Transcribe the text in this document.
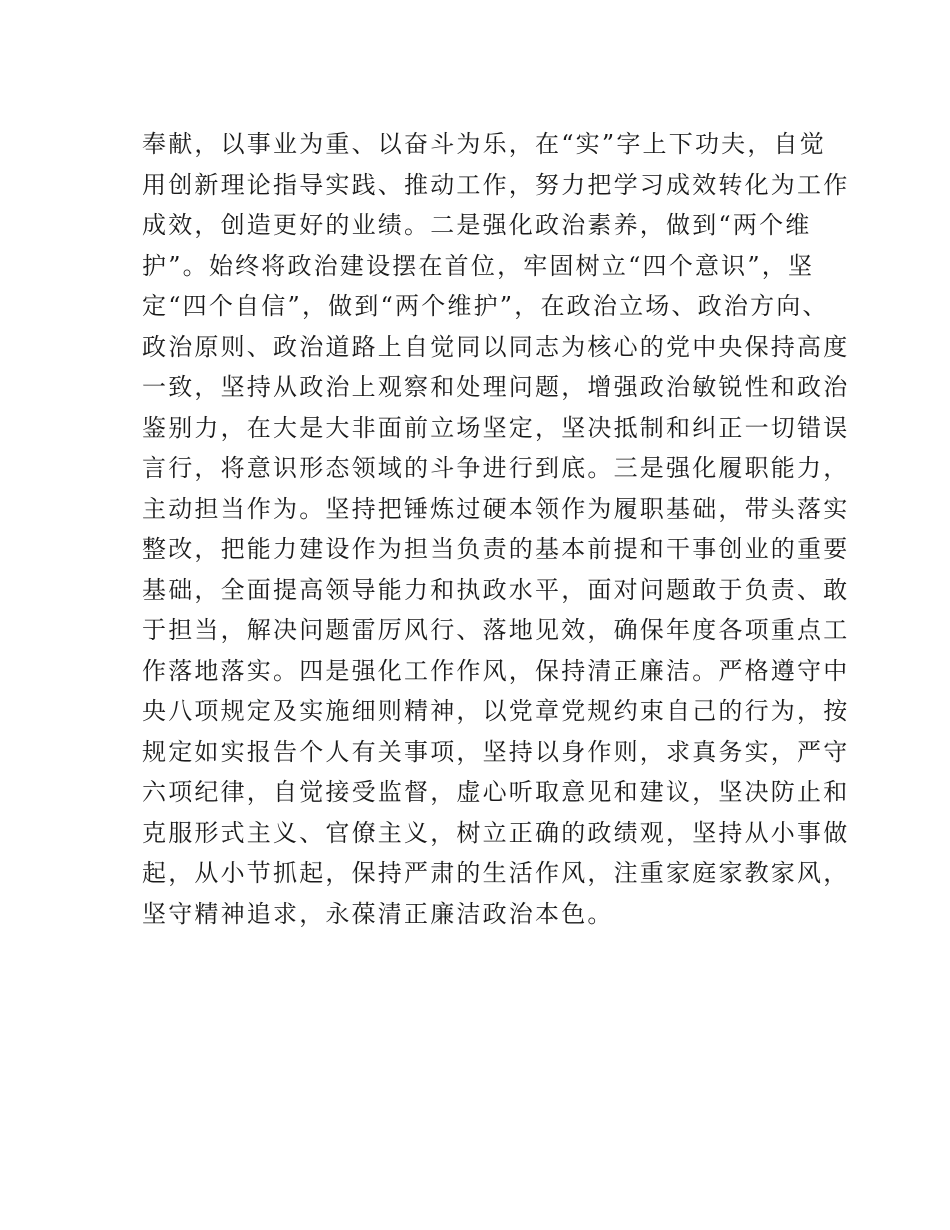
奉献，以事业为重、以奋斗为乐，在“实”字上下功夫，自觉
用创新理论指导实践、推动工作，努力把学习成效转化为工作
成效，创造更好的业绩。二是强化政治素养，做到“两个维
护”。始终将政治建设摆在首位，牢固树立“四个意识”，坚
定“四个自信”，做到“两个维护”，在政治立场、政治方向、
政治原则、政治道路上自觉同以同志为核心的党中央保持高度
一致，坚持从政治上观察和处理问题，增强政治敏锐性和政治
鉴别力，在大是大非面前立场坚定，坚决抵制和纠正一切错误
言行，将意识形态领域的斗争进行到底。三是强化履职能力，
主动担当作为。坚持把锤炼过硬本领作为履职基础，带头落实
整改，把能力建设作为担当负责的基本前提和干事创业的重要
基础，全面提高领导能力和执政水平，面对问题敢于负责、敢
于担当，解决问题雷厉风行、落地见效，确保年度各项重点工
作落地落实。四是强化工作作风，保持清正廉洁。严格遵守中
央八项规定及实施细则精神，以党章党规约束自己的行为，按
规定如实报告个人有关事项，坚持以身作则，求真务实，严守
六项纪律，自觉接受监督，虚心听取意见和建议，坚决防止和
克服形式主义、官僚主义，树立正确的政绩观，坚持从小事做
起，从小节抓起，保持严肃的生活作风，注重家庭家教家风，
坚守精神追求，永葆清正廉洁政治本色。
